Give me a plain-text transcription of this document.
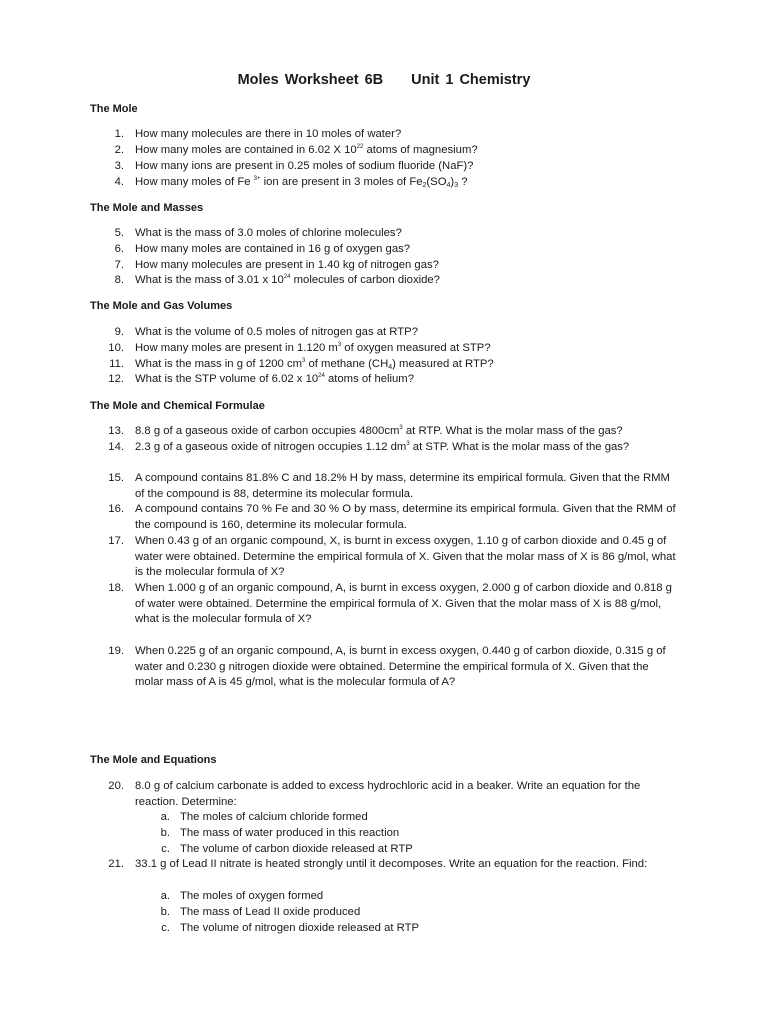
Moles Worksheet 6B Unit 1 Chemistry
The Mole
1. How many molecules are there in 10 moles of water?
2. How many moles are contained in 6.02 X $10^{22}$ atoms of magnesium?
3. How many ions are present in 0.25 moles of sodium fluoride (NaF)?
4. How many moles of Fe $^{3+}$ ion are present in 3 moles of $Fe_2(SO_4)_3$ ?
The Mole and Masses
5. What is the mass of 3.0 moles of chlorine molecules?
6. How many moles are contained in 16 g of oxygen gas?
7. How many molecules are present in 1.40 kg of nitrogen gas?
8. What is the mass of 3.01 x $10^{24}$ molecules of carbon dioxide?
The Mole and Gas Volumes
9. What is the volume of 0.5 moles of nitrogen gas at RTP?
10. How many moles are present in 1.120 $m^3$ of oxygen measured at STP?
11. What is the mass in g of 1200 $cm^3$ of methane $(CH_4)$ measured at RTP?
12. What is the STP volume of 6.02 x $10^{24}$ atoms of helium?
The Mole and Chemical Formulae
13. 8.8 g of a gaseous oxide of carbon occupies $4800cm^3$ at RTP. What is the molar mass of the gas?
14. 2.3 g of a gaseous oxide of nitrogen occupies 1.12 $dm^3$ at STP. What is the molar mass of the gas?
15. A compound contains 81.8% C and 18.2% H by mass, determine its empirical formula. Given that the RMM of the compound is 88, determine its molecular formula.
16. A compound contains 70 % Fe and 30 % O by mass, determine its empirical formula. Given that the RMM of the compound is 160, determine its molecular formula.
17. When 0.43 g of an organic compound, X, is burnt in excess oxygen, 1.10 g of carbon dioxide and 0.45 g of water were obtained. Determine the empirical formula of X. Given that the molar mass of X is 86 g/mol, what is the molecular formula of X?
18. When 1.000 g of an organic compound, A, is burnt in excess oxygen, 2.000 g of carbon dioxide and 0.818 g of water were obtained. Determine the empirical formula of X. Given that the molar mass of X is 88 g/mol, what is the molecular formula of X?
19. When 0.225 g of an organic compound, A, is burnt in excess oxygen, 0.440 g of carbon dioxide, 0.315 g of water and 0.230 g nitrogen dioxide were obtained. Determine the empirical formula of X. Given that the molar mass of A is 45 g/mol, what is the molecular formula of A?
The Mole and Equations
20. 8.0 g of calcium carbonate is added to excess hydrochloric acid in a beaker. Write an equation for the reaction. Determine:
a. The moles of calcium chloride formed
b. The mass of water produced in this reaction
c. The volume of carbon dioxide released at RTP
21. 33.1 g of Lead II nitrate is heated strongly until it decomposes. Write an equation for the reaction. Find:
a. The moles of oxygen formed
b. The mass of Lead II oxide produced
c. The volume of nitrogen dioxide released at RTP
